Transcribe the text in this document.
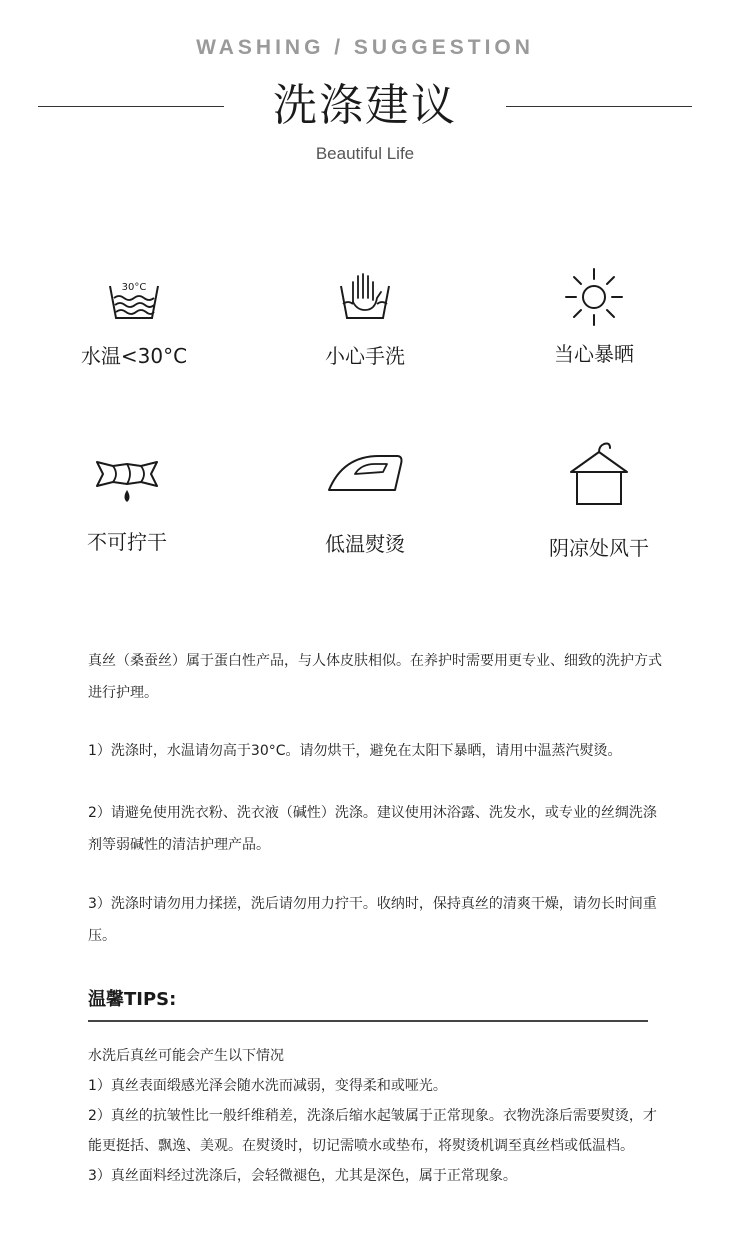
WASHING / SUGGESTION
洗涤建议
Beautiful Life
30°C
水温<30°C	小心手洗	当心暴晒
不可拧干	低温熨烫	阴凉处风干
真丝（桑蚕丝）属于蛋白性产品，与人体皮肤相似。在养护时需要用更专业、细致的洗护方式进行护理。
1）洗涤时，水温请勿高于30°C。请勿烘干，避免在太阳下暴晒，请用中温蒸汽熨烫。
2）请避免使用洗衣粉、洗衣液（碱性）洗涤。建议使用沐浴露、洗发水，或专业的丝绸洗涤剂等弱碱性的清洁护理产品。
3）洗涤时请勿用力揉搓，洗后请勿用力拧干。收纳时，保持真丝的清爽干燥，请勿长时间重压。
温馨TIPS:
水洗后真丝可能会产生以下情况
1）真丝表面缎感光泽会随水洗而减弱，变得柔和或哑光。
2）真丝的抗皱性比一般纤维稍差，洗涤后缩水起皱属于正常现象。衣物洗涤后需要熨烫，才能更挺括、飘逸、美观。在熨烫时，切记需喷水或垫布，将熨烫机调至真丝档或低温档。
3）真丝面料经过洗涤后，会轻微褪色，尤其是深色，属于正常现象。
